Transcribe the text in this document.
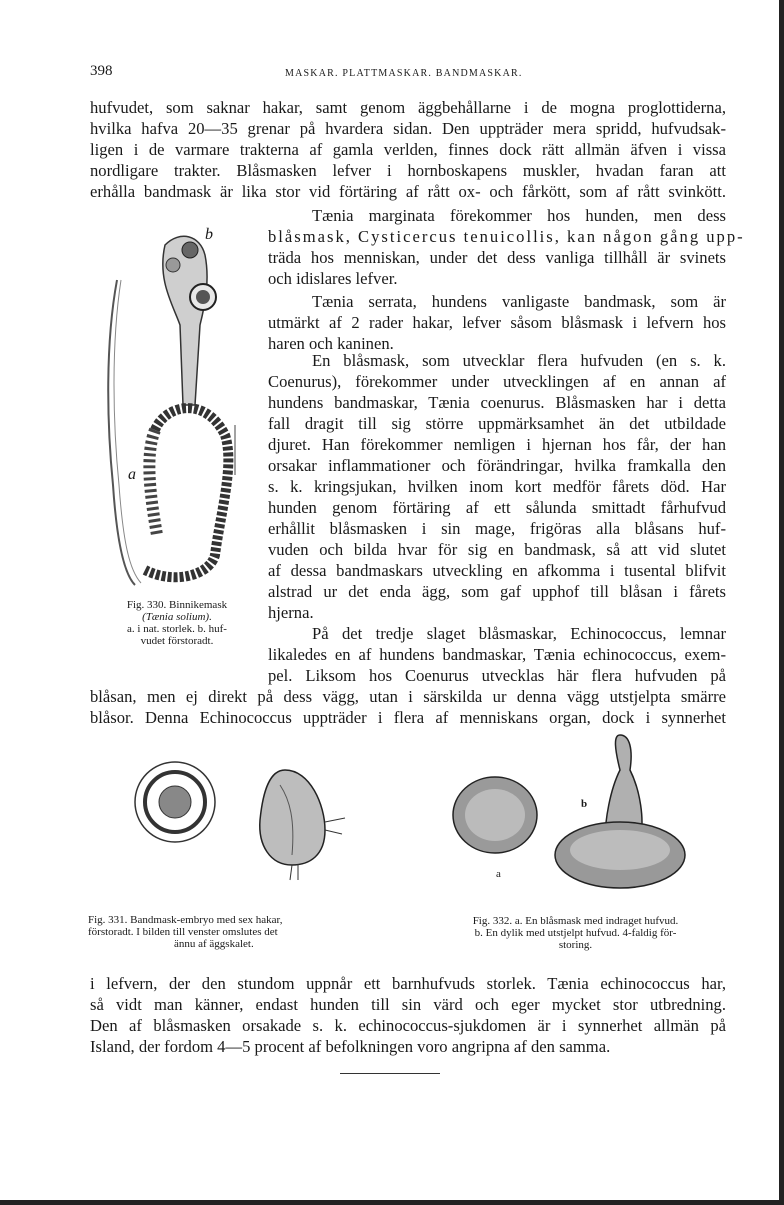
398	MASKAR. PLATTMASKAR. BANDMASKAR.
hufvudet, som saknar hakar, samt genom äggbehållarne i de mogna proglottiderna,
hvilka hafva 20—35 grenar på hvardera sidan. Den uppträder mera spridd, hufvudsak-
ligen i de varmare trakterna af gamla verlden, finnes dock rätt allmän äfven i vissa
nordligare trakter. Blåsmasken lefver i hornboskapens muskler, hvadan faran att
erhålla bandmask är lika stor vid förtäring af rått ox- och fårkött, som af rått svinkött.
Tænia marginata förekommer hos hunden, men dess
blåsmask, Cysticercus tenuicollis, kan någon gång upp-
träda hos menniskan, under det dess vanliga tillhåll är svinets
och idislares lefver.
Tænia serrata, hundens vanligaste bandmask, som är
utmärkt af 2 rader hakar, lefver såsom blåsmask i lefvern hos
haren och kaninen.
En blåsmask, som utvecklar flera hufvuden (en s. k.
Coenurus), förekommer under utvecklingen af en annan af
hundens bandmaskar, Tænia coenurus. Blåsmasken har i detta
fall dragit till sig större uppmärksamhet än det utbildade
djuret. Han förekommer nemligen i hjernan hos får, der han
orsakar inflammationer och förändringar, hvilka framkalla den
s. k. kringsjukan, hvilken inom kort medför fårets död. Har
hunden genom förtäring af ett sålunda smittadt fårhufvud
erhållit blåsmasken i sin mage, frigöras alla blåsans huf-
vuden och bilda hvar för sig en bandmask, så att vid slutet
af dessa bandmaskars utveckling en afkomma i tusental blifvit
alstrad ur det enda ägg, som gaf upphof till blåsan i fårets
hjerna.
På det tredje slaget blåsmaskar, Echinococcus, lemnar
likaledes en af hundens bandmaskar, Tænia echinococcus, exem-
pel. Liksom hos Coenurus utvecklas här flera hufvuden på
blåsan, men ej direkt på dess vägg, utan i särskilda ur denna vägg utstjelpta smärre
blåsor. Denna Echinococcus uppträder i flera af menniskans organ, dock i synnerhet
b
a
Fig. 330. Binnikemask
(Tænia solium).
a. i nat. storlek. b. huf-
vudet förstoradt.
Fig. 331. Bandmask-embryo med sex hakar,
förstoradt. I bilden till venster omslutes det
ännu af äggskalet.
a
b
Fig. 332. a. En blåsmask med indraget hufvud.
b. En dylik med utstjelpt hufvud. 4-faldig för-
storing.
i lefvern, der den stundom uppnår ett barnhufvuds storlek. Tænia echinococcus har,
så vidt man känner, endast hunden till sin värd och eger mycket stor utbredning.
Den af blåsmasken orsakade s. k. echinococcus-sjukdomen är i synnerhet allmän på
Island, der fordom 4—5 procent af befolkningen voro angripna af den samma.
